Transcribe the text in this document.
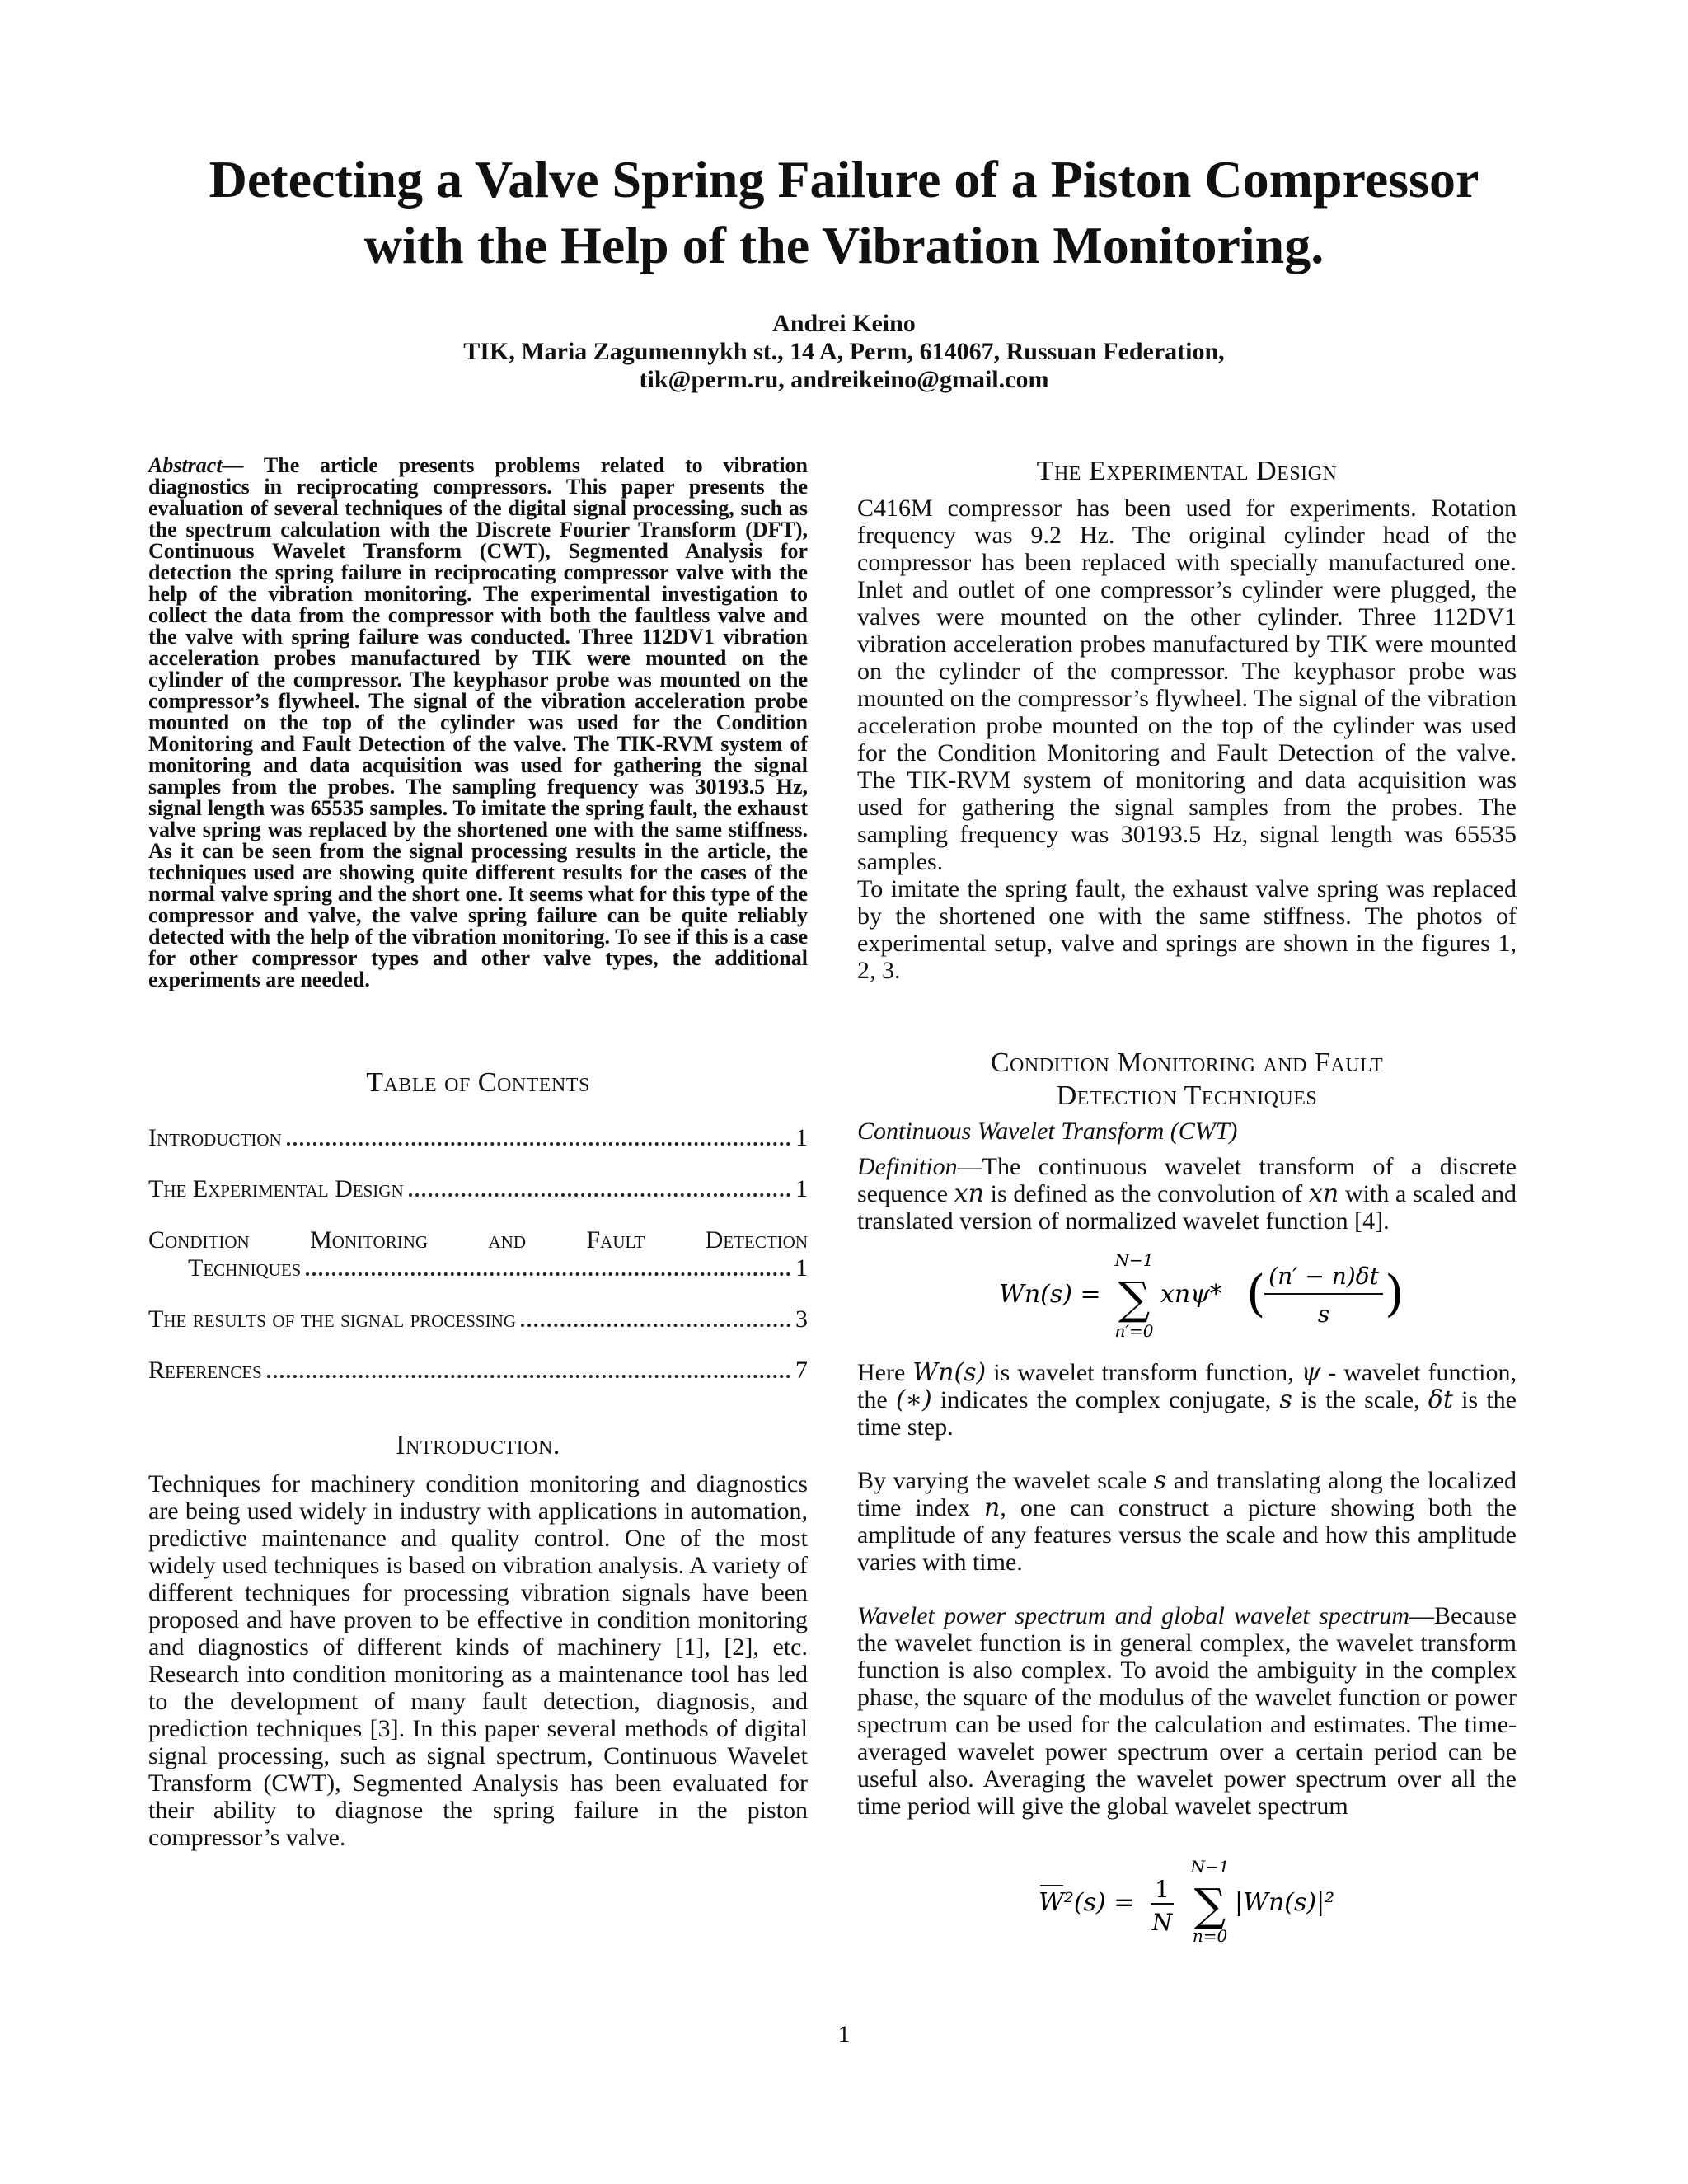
Detecting a Valve Spring Failure of a Piston Compressor
with the Help of the Vibration Monitoring.
Andrei Keino
TIK, Maria Zagumennykh st., 14 A, Perm, 614067, Russuan Federation,
tik@perm.ru, andreikeino@gmail.com

Abstract— The article presents problems related to vibration diagnostics in reciprocating compressors. This paper presents the evaluation of several techniques of the digital signal processing, such as the spectrum calculation with the Discrete Fourier Transform (DFT), Continuous Wavelet Transform (CWT), Segmented Analysis for detection the spring failure in reciprocating compressor valve with the help of the vibration monitoring. The experimental investigation to collect the data from the compressor with both the faultless valve and the valve with spring failure was conducted. Three 112DV1 vibration acceleration probes manufactured by TIK were mounted on the cylinder of the compressor. The keyphasor probe was mounted on the compressor’s flywheel. The signal of the vibration acceleration probe mounted on the top of the cylinder was used for the Condition Monitoring and Fault Detection of the valve. The TIK-RVM system of monitoring and data acquisition was used for gathering the signal samples from the probes. The sampling frequency was 30193.5 Hz, signal length was 65535 samples. To imitate the spring fault, the exhaust valve spring was replaced by the shortened one with the same stiffness. As it can be seen from the signal processing results in the article, the techniques used are showing quite different results for the cases of the normal valve spring and the short one. It seems what for this type of the compressor and valve, the valve spring failure can be quite reliably detected with the help of the vibration monitoring. To see if this is a case for other compressor types and other valve types, the additional experiments are needed.

Table of Contents
Introduction	1
The Experimental Design	1
Condition Monitoring and Fault Detection
Techniques	1
The results of the signal processing	3
References	7
Introduction.

Techniques for machinery condition monitoring and diagnostics are being used widely in industry with applications in automation, predictive maintenance and quality control. One of the most widely used techniques is based on vibration analysis. A variety of different techniques for processing vibration signals have been proposed and have proven to be effective in condition monitoring and diagnostics of different kinds of machinery [1], [2], etc. Research into condition monitoring as a maintenance tool has led to the development of many fault detection, diagnosis, and prediction techniques [3]. In this paper several methods of digital signal processing, such as signal spectrum, Continuous Wavelet Transform (CWT), Segmented Analysis has been evaluated for their ability to diagnose the spring failure in the piston compressor’s valve.

The Experimental Design

C416M compressor has been used for experiments. Rotation frequency was 9.2 Hz. The original cylinder head of the compressor has been replaced with specially manufactured one. Inlet and outlet of one compressor’s cylinder were plugged, the valves were mounted on the other cylinder. Three 112DV1 vibration acceleration probes manufactured by TIK were mounted on the cylinder of the compressor. The keyphasor probe was mounted on the compressor’s flywheel. The signal of the vibration acceleration probe mounted on the top of the cylinder was used for the Condition Monitoring and Fault Detection of the valve. The TIK-RVM system of monitoring and data acquisition was used for gathering the signal samples from the probes. The sampling frequency was 30193.5 Hz, signal length was 65535 samples.

To imitate the spring fault, the exhaust valve spring was replaced by the shortened one with the same stiffness. The photos of experimental setup, valve and springs are shown in the figures 1, 2, 3.

Condition Monitoring and Fault
Detection Techniques

Continuous Wavelet Transform (CWT)

Definition—The continuous wavelet transform of a discrete sequence xn is defined as the convolution of xn with a scaled and translated version of normalized wavelet function [4].

Wn(s) =
N−1
∑
n′=0
xnψ* ( (n′ − n)δt
s )

Here Wn(s) is wavelet transform function, ψ - wavelet function, the (∗) indicates the complex conjugate, s is the scale, δt is the time step.

By varying the wavelet scale s and translating along the localized time index n, one can construct a picture showing both the amplitude of any features versus the scale and how this amplitude varies with time.

Wavelet power spectrum and global wavelet spectrum—Because the wavelet function is in general complex, the wavelet transform function is also complex. To avoid the ambiguity in the complex phase, the square of the modulus of the wavelet function or power spectrum can be used for the calculation and estimates. The time-averaged wavelet power spectrum over a certain period can be useful also. Averaging the wavelet power spectrum over all the time period will give the global wavelet spectrum

W²(s) = 1
N
N−1
∑
n=0
|Wn(s)|²
1
